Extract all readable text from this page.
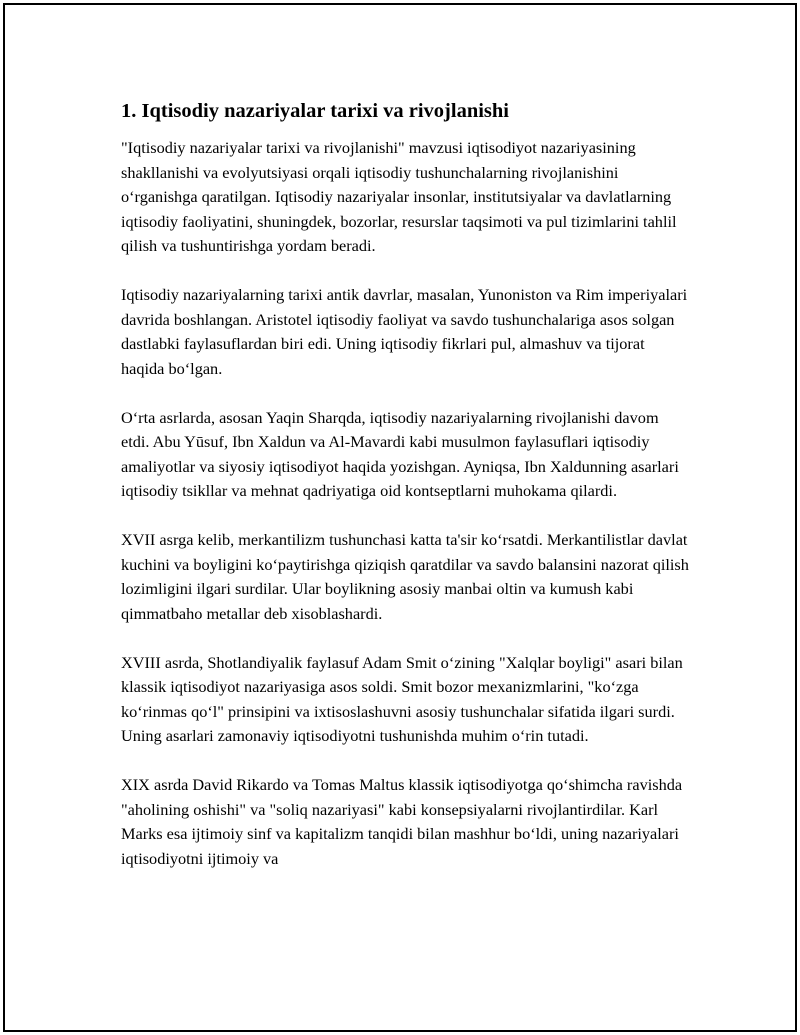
1. Iqtisodiy nazariyalar tarixi va rivojlanishi

"Iqtisodiy nazariyalar tarixi va rivojlanishi" mavzusi iqtisodiyot nazariyasining shakllanishi va evolyutsiyasi orqali iqtisodiy tushunchalarning rivojlanishini oʻrganishga qaratilgan. Iqtisodiy nazariyalar insonlar, institutsiyalar va davlatlarning iqtisodiy faoliyatini, shuningdek, bozorlar, resurslar taqsimoti va pul tizimlarini tahlil qilish va tushuntirishga yordam beradi.

Iqtisodiy nazariyalarning tarixi antik davrlar, masalan, Yunoniston va Rim imperiyalari davrida boshlangan. Aristotel iqtisodiy faoliyat va savdo tushunchalariga asos solgan dastlabki faylasuflardan biri edi. Uning iqtisodiy fikrlari pul, almashuv va tijorat haqida boʻlgan.

Oʻrta asrlarda, asosan Yaqin Sharqda, iqtisodiy nazariyalarning rivojlanishi davom etdi. Abu Yūsuf, Ibn Xaldun va Al-Mavardi kabi musulmon faylasuflari iqtisodiy amaliyotlar va siyosiy iqtisodiyot haqida yozishgan. Ayniqsa, Ibn Xaldunning asarlari iqtisodiy tsikllar va mehnat qadriyatiga oid kontseptlarni muhokama qilardi.

XVII asrga kelib, merkantilizm tushunchasi katta ta'sir koʻrsatdi. Merkantilistlar davlat kuchini va boyligini koʻpaytirishga qiziqish qaratdilar va savdo balansini nazorat qilish lozimligini ilgari surdilar. Ular boylikning asosiy manbai oltin va kumush kabi qimmatbaho metallar deb xisoblashardi.

XVIII asrda, Shotlandiyalik faylasuf Adam Smit oʻzining "Xalqlar boyligi" asari bilan klassik iqtisodiyot nazariyasiga asos soldi. Smit bozor mexanizmlarini, "koʻzga koʻrinmas qoʻl" prinsipini va ixtisoslashuvni asosiy tushunchalar sifatida ilgari surdi. Uning asarlari zamonaviy iqtisodiyotni tushunishda muhim oʻrin tutadi.

XIX asrda David Rikardo va Tomas Maltus klassik iqtisodiyotga qoʻshimcha ravishda "aholining oshishi" va "soliq nazariyasi" kabi konsepsiyalarni rivojlantirdilar. Karl Marks esa ijtimoiy sinf va kapitalizm tanqidi bilan mashhur boʻldi, uning nazariyalari iqtisodiyotni ijtimoiy va
